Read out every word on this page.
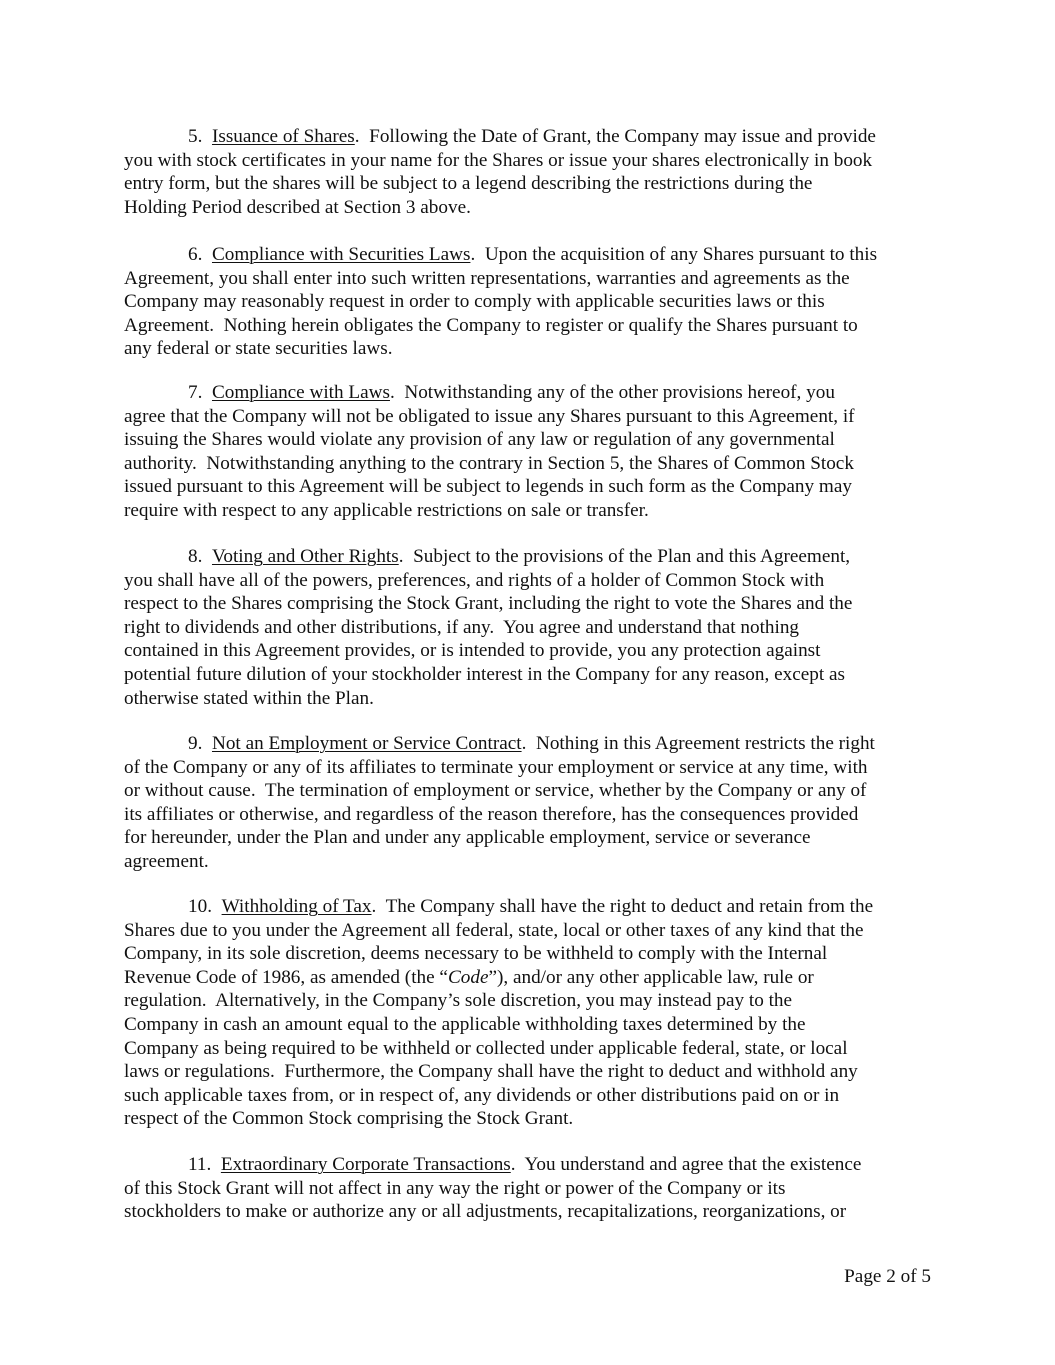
5. Issuance of Shares.  Following the Date of Grant, the Company may issue and provide
you with stock certificates in your name for the Shares or issue your shares electronically in book
entry form, but the shares will be subject to a legend describing the restrictions during the
Holding Period described at Section 3 above.
6. Compliance with Securities Laws.  Upon the acquisition of any Shares pursuant to this
Agreement, you shall enter into such written representations, warranties and agreements as the
Company may reasonably request in order to comply with applicable securities laws or this
Agreement.  Nothing herein obligates the Company to register or qualify the Shares pursuant to
any federal or state securities laws.
7. Compliance with Laws.  Notwithstanding any of the other provisions hereof, you
agree that the Company will not be obligated to issue any Shares pursuant to this Agreement, if
issuing the Shares would violate any provision of any law or regulation of any governmental
authority.  Notwithstanding anything to the contrary in Section 5, the Shares of Common Stock
issued pursuant to this Agreement will be subject to legends in such form as the Company may
require with respect to any applicable restrictions on sale or transfer.
8. Voting and Other Rights.  Subject to the provisions of the Plan and this Agreement,
you shall have all of the powers, preferences, and rights of a holder of Common Stock with
respect to the Shares comprising the Stock Grant, including the right to vote the Shares and the
right to dividends and other distributions, if any.  You agree and understand that nothing
contained in this Agreement provides, or is intended to provide, you any protection against
potential future dilution of your stockholder interest in the Company for any reason, except as
otherwise stated within the Plan.
9. Not an Employment or Service Contract.  Nothing in this Agreement restricts the right
of the Company or any of its affiliates to terminate your employment or service at any time, with
or without cause.  The termination of employment or service, whether by the Company or any of
its affiliates or otherwise, and regardless of the reason therefore, has the consequences provided
for hereunder, under the Plan and under any applicable employment, service or severance
agreement.
10. Withholding of Tax.  The Company shall have the right to deduct and retain from the
Shares due to you under the Agreement all federal, state, local or other taxes of any kind that the
Company, in its sole discretion, deems necessary to be withheld to comply with the Internal
Revenue Code of 1986, as amended (the “Code”), and/or any other applicable law, rule or
regulation.  Alternatively, in the Company’s sole discretion, you may instead pay to the
Company in cash an amount equal to the applicable withholding taxes determined by the
Company as being required to be withheld or collected under applicable federal, state, or local
laws or regulations.  Furthermore, the Company shall have the right to deduct and withhold any
such applicable taxes from, or in respect of, any dividends or other distributions paid on or in
respect of the Common Stock comprising the Stock Grant.
11. Extraordinary Corporate Transactions.  You understand and agree that the existence
of this Stock Grant will not affect in any way the right or power of the Company or its
stockholders to make or authorize any or all adjustments, recapitalizations, reorganizations, or
Page 2 of 5
